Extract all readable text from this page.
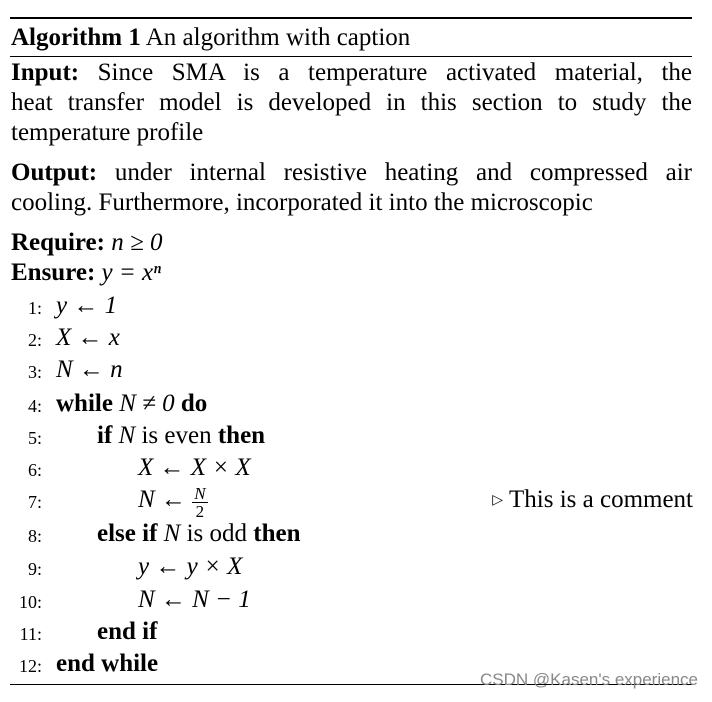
Algorithm 1 An algorithm with caption
Input: Since SMA is a temperature activated material, the
heat transfer model is developed in this section to study the
temperature profile
Output: under internal resistive heating and compressed air
cooling. Furthermore, incorporated it into the microscopic
Require: n ≥ 0
Ensure: y = xⁿ
1: y ← 1
2: X ← x
3: N ← n
4: while N ≠ 0 do
5: if N is even then
6:	X ← X × X
7:	N ← $\frac{N}{2}$	▷ This is a comment
8: else if N is odd then
9:	y ← y × X
10:	N ← N − 1
11: end if
12: end while
CSDN @Kasen's experience
